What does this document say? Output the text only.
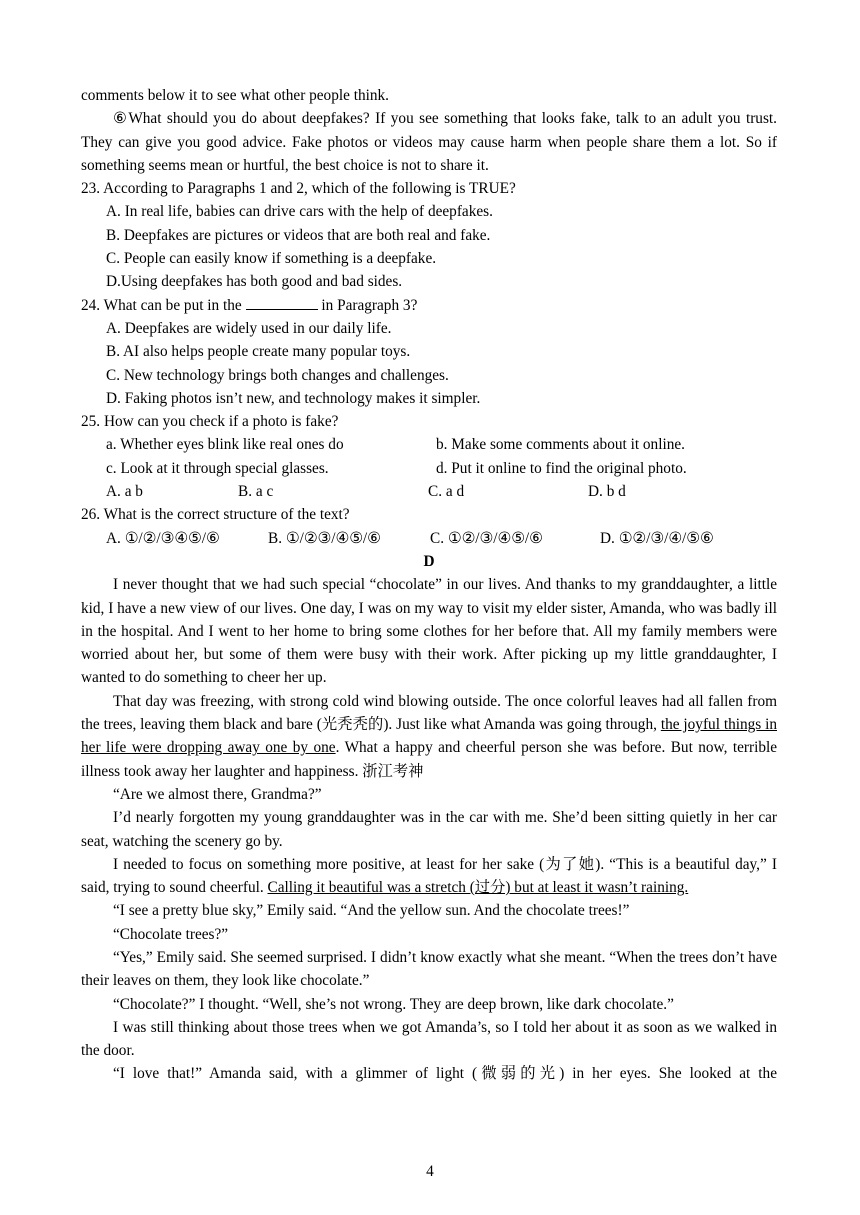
comments below it to see what other people think.

⑥What should you do about deepfakes? If you see something that looks fake, talk to an adult you trust. They can give you good advice. Fake photos or videos may cause harm when people share them a lot. So if something seems mean or hurtful, the best choice is not to share it.

23. According to Paragraphs 1 and 2, which of the following is TRUE?

A. In real life, babies can drive cars with the help of deepfakes.

B. Deepfakes are pictures or videos that are both real and fake.

C. People can easily know if something is a deepfake.

D.Using deepfakes has both good and bad sides.

24. What can be put in the	in Paragraph 3?

A. Deepfakes are widely used in our daily life.

B. AI also helps people create many popular toys.

C. New technology brings both changes and challenges.

D. Faking photos isn’t new, and technology makes it simpler.

25. How can you check if a photo is fake?

a. Whether eyes blink like real ones do	b. Make some comments about it online.
c. Look at it through special glasses.	d. Put it online to find the original photo.
A. a b	B. a c	C. a d	D. b d

26. What is the correct structure of the text?

A. ①/②/③④⑤/⑥	B. ①/②③/④⑤/⑥	C. ①②/③/④⑤/⑥	D. ①②/③/④/⑤⑥

D

I never thought that we had such special “chocolate” in our lives. And thanks to my granddaughter, a little kid, I have a new view of our lives. One day, I was on my way to visit my elder sister, Amanda, who was badly ill in the hospital. And I went to her home to bring some clothes for her before that. All my family members were worried about her, but some of them were busy with their work. After picking up my little granddaughter, I wanted to do something to cheer her up.

That day was freezing, with strong cold wind blowing outside. The once colorful leaves had all fallen from the trees, leaving them black and bare (光秃秃的). Just like what Amanda was going through, the joyful things in her life were dropping away one by one. What a happy and cheerful person she was before. But now, terrible illness took away her laughter and happiness. 浙江考神

“Are we almost there, Grandma?”

I’d nearly forgotten my young granddaughter was in the car with me. She’d been sitting quietly in her car seat, watching the scenery go by.

I needed to focus on something more positive, at least for her sake (为了她). “This is a beautiful day,” I said, trying to sound cheerful. Calling it beautiful was a stretch (过分) but at least it wasn’t raining.

“I see a pretty blue sky,” Emily said. “And the yellow sun. And the chocolate trees!”

“Chocolate trees?”

“Yes,” Emily said. She seemed surprised. I didn’t know exactly what she meant. “When the trees don’t have their leaves on them, they look like chocolate.”

“Chocolate?” I thought. “Well, she’s not wrong. They are deep brown, like dark chocolate.”

I was still thinking about those trees when we got Amanda’s, so I told her about it as soon as we walked in the door.

“I love that!” Amanda said, with a glimmer of light (微弱的光) in her eyes. She looked at the

4
